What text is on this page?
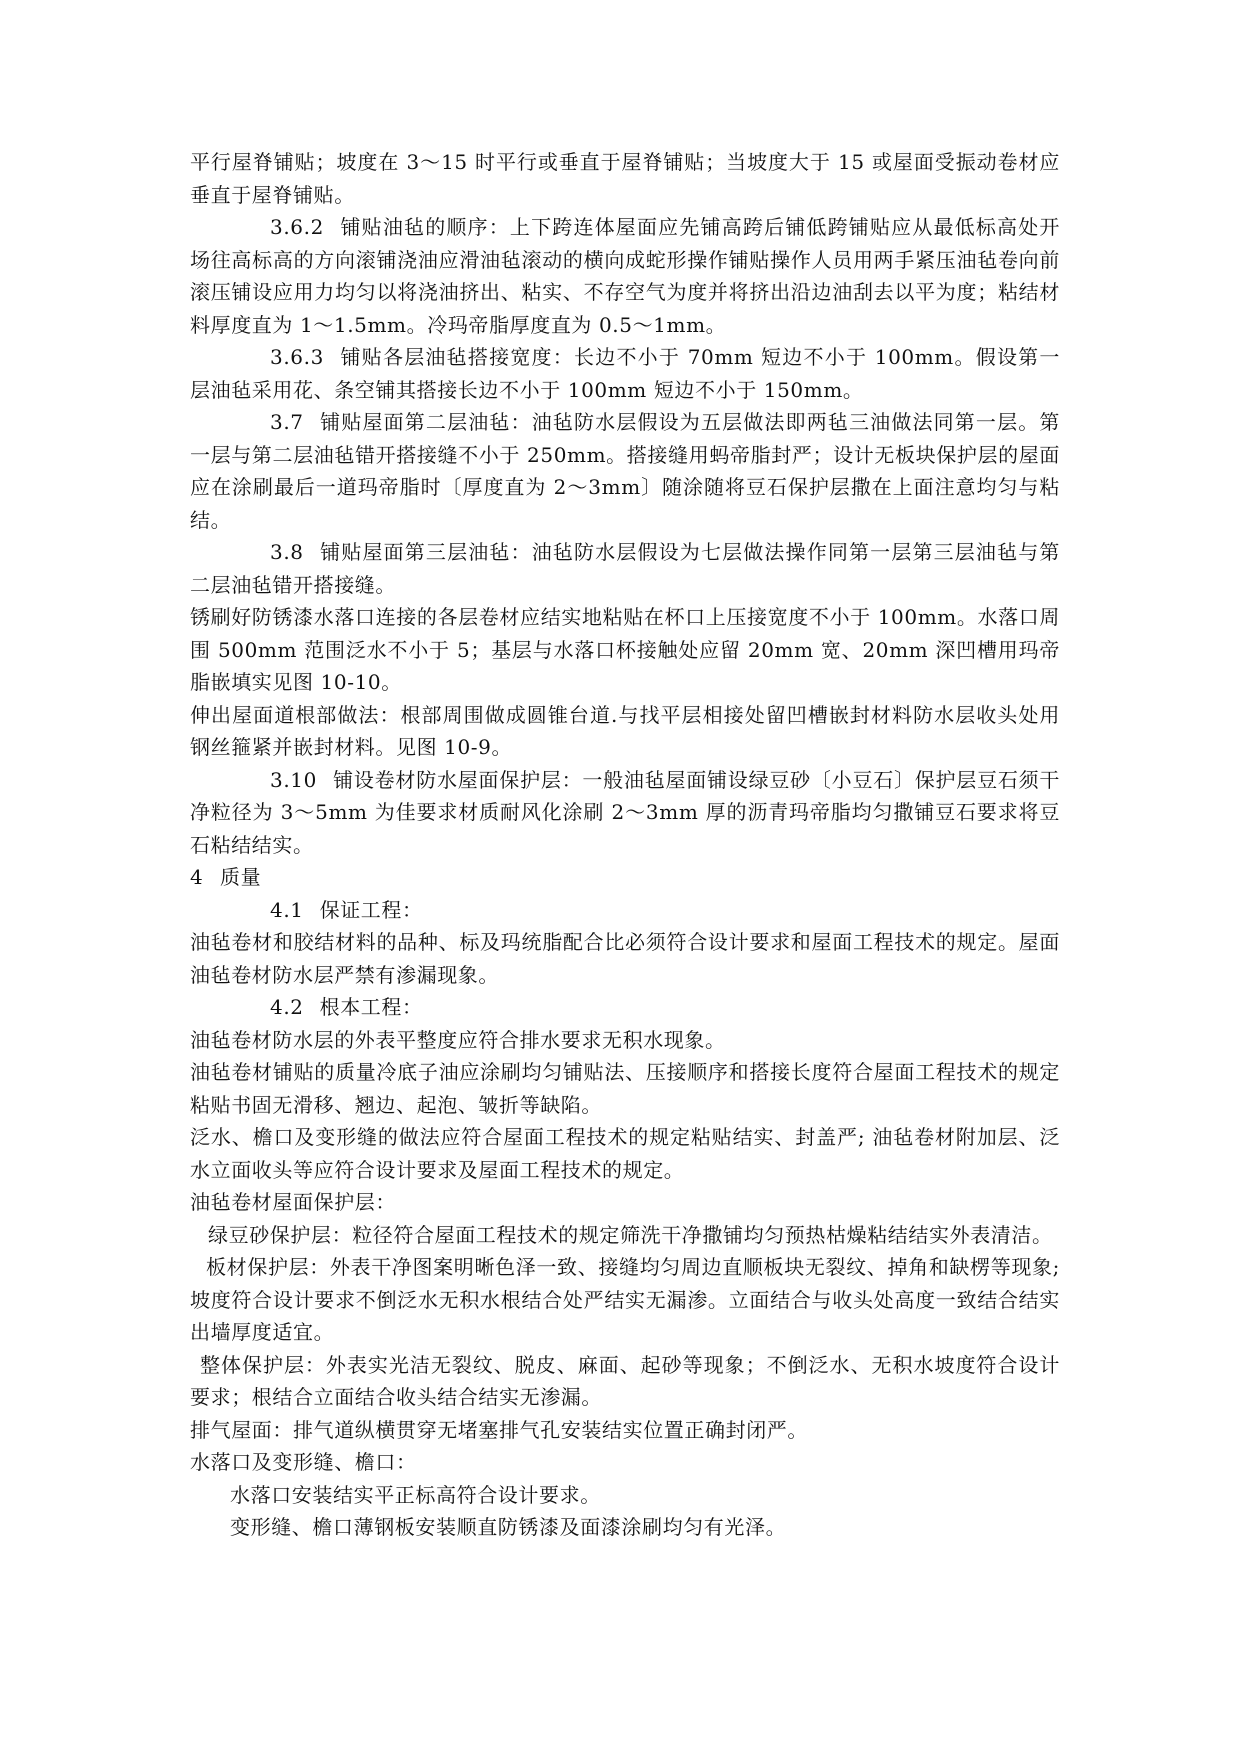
平行屋脊铺贴；坡度在 3～15 时平行或垂直于屋脊铺贴；当坡度大于 15 或屋面受振动卷材应垂直于屋脊铺贴。

3.6.2 铺贴油毡的顺序：上下跨连体屋面应先铺高跨后铺低跨铺贴应从最低标高处开场往高标高的方向滚铺浇油应滑油毡滚动的横向成蛇形操作铺贴操作人员用两手紧压油毡卷向前滚压铺设应用力均匀以将浇油挤出、粘实、不存空气为度并将挤出沿边油刮去以平为度；粘结材料厚度直为 1～1.5mm。冷玛帝脂厚度直为 0.5～1mm。

3.6.3 铺贴各层油毡搭接宽度：长边不小于 70mm 短边不小于 100mm。假设第一层油毡采用花、条空铺其搭接长边不小于 100mm 短边不小于 150mm。

3.7 铺贴屋面第二层油毡：油毡防水层假设为五层做法即两毡三油做法同第一层。第一层与第二层油毡错开搭接缝不小于 250mm。搭接缝用蚂帝脂封严；设计无板块保护层的屋面应在涂刷最后一道玛帝脂时〔厚度直为 2～3mm〕随涂随将豆石保护层撒在上面注意均匀与粘结。

3.8 铺贴屋面第三层油毡：油毡防水层假设为七层做法操作同第一层第三层油毡与第二层油毡错开搭接缝。

锈刷好防锈漆水落口连接的各层卷材应结实地粘贴在杯口上压接宽度不小于 100mm。水落口周围 500mm 范围泛水不小于 5；基层与水落口杯接触处应留 20mm 宽、20mm 深凹槽用玛帝脂嵌填实见图 10-10。

伸出屋面道根部做法：根部周围做成圆锥台道.与找平层相接处留凹槽嵌封材料防水层收头处用钢丝箍紧并嵌封材料。见图 10-9。

3.10 铺设卷材防水屋面保护层：一般油毡屋面铺设绿豆砂〔小豆石〕保护层豆石须干净粒径为 3～5mm 为佳要求材质耐风化涂刷 2～3mm 厚的沥青玛帝脂均匀撒铺豆石要求将豆石粘结结实。

4 质量

4.1 保证工程：

油毡卷材和胶结材料的品种、标及玛统脂配合比必须符合设计要求和屋面工程技术的规定。屋面油毡卷材防水层严禁有渗漏现象。

4.2 根本工程：

油毡卷材防水层的外表平整度应符合排水要求无积水现象。

油毡卷材铺贴的质量冷底子油应涂刷均匀铺贴法、压接顺序和搭接长度符合屋面工程技术的规定粘贴书固无滑移、翘边、起泡、皱折等缺陷。

泛水、檐口及变形缝的做法应符合屋面工程技术的规定粘贴结实、封盖严; 油毡卷材附加层、泛水立面收头等应符合设计要求及屋面工程技术的规定。

油毡卷材屋面保护层：

绿豆砂保护层：粒径符合屋面工程技术的规定筛洗干净撒铺均匀预热枯燥粘结结实外表清洁。

板材保护层：外表干净图案明晰色泽一致、接缝均匀周边直顺板块无裂纹、掉角和缺楞等现象; 坡度符合设计要求不倒泛水无积水根结合处严结实无漏渗。立面结合与收头处高度一致结合结实出墙厚度适宜。

整体保护层：外表实光洁无裂纹、脱皮、麻面、起砂等现象；不倒泛水、无积水坡度符合设计要求；根结合立面结合收头结合结实无渗漏。

排气屋面：排气道纵横贯穿无堵塞排气孔安装结实位置正确封闭严。

水落口及变形缝、檐口：

水落口安装结实平正标高符合设计要求。

变形缝、檐口薄钢板安装顺直防锈漆及面漆涂刷均匀有光泽。
